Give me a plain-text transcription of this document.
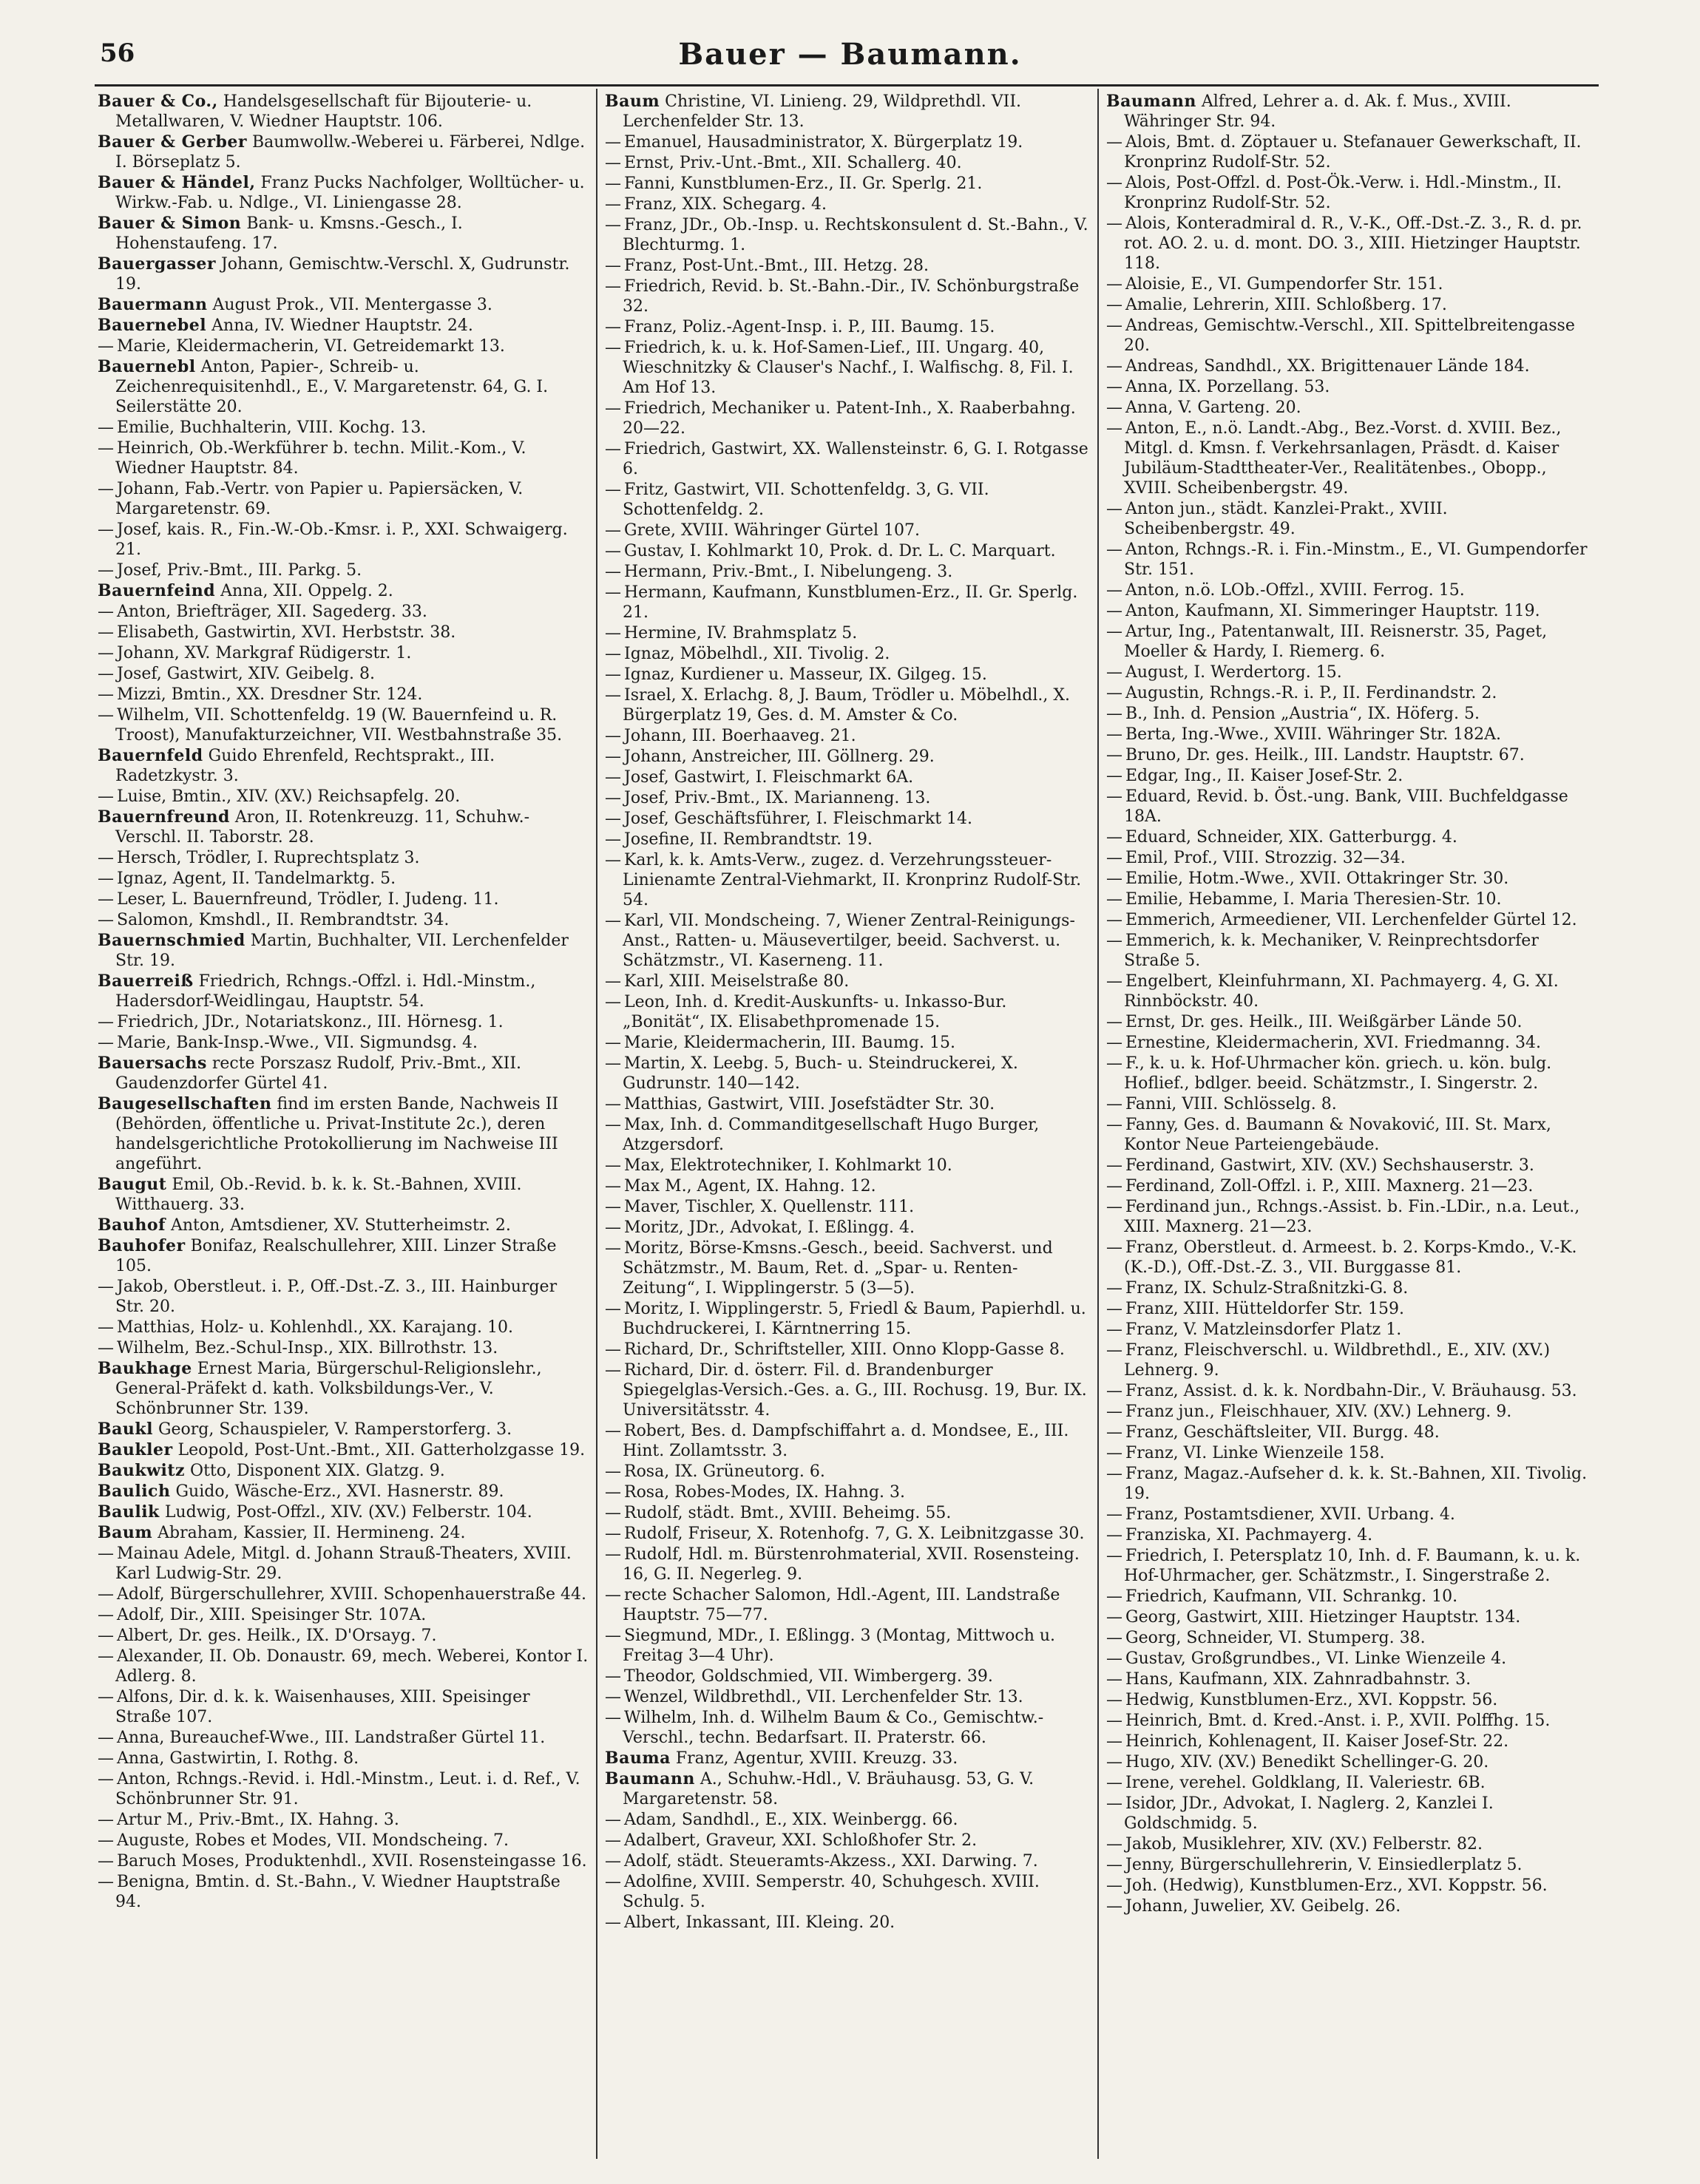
56	Bauer — Baumann.

Bauer & Co., Handelsgesellschaft für Bijouterie- u. Metallwaren, V. Wiedner Hauptstr. 106.

Bauer & Gerber Baumwollw.-Weberei u. Färberei, Ndlge. I. Börseplatz 5.

Bauer & Händel, Franz Pucks Nachfolger, Wolltücher- u. Wirkw.-Fab. u. Ndlge., VI. Liniengasse 28.

Bauer & Simon Bank- u. Kmsns.-Gesch., I. Hohenstaufeng. 17.

Bauergasser Johann, Gemischtw.-Verschl. X, Gudrunstr. 19.

Bauermann August Prok., VII. Mentergasse 3.

Bauernebel Anna, IV. Wiedner Hauptstr. 24.

— Marie, Kleidermacherin, VI. Getreidemarkt 13.

Bauernebl Anton, Papier-, Schreib- u. Zeichenrequisitenhdl., E., V. Margaretenstr. 64, G. I. Seilerstätte 20.

— Emilie, Buchhalterin, VIII. Kochg. 13.

— Heinrich, Ob.-Werkführer b. techn. Milit.-Kom., V. Wiedner Hauptstr. 84.

— Johann, Fab.-Vertr. von Papier u. Papiersäcken, V. Margaretenstr. 69.

— Josef, kais. R., Fin.-W.-Ob.-Kmsr. i. P., XXI. Schwaigerg. 21.

— Josef, Priv.-Bmt., III. Parkg. 5.

Bauernfeind Anna, XII. Oppelg. 2.

— Anton, Briefträger, XII. Sagederg. 33.

— Elisabeth, Gastwirtin, XVI. Herbststr. 38.

— Johann, XV. Markgraf Rüdigerstr. 1.

— Josef, Gastwirt, XIV. Geibelg. 8.

— Mizzi, Bmtin., XX. Dresdner Str. 124.

— Wilhelm, VII. Schottenfeldg. 19 (W. Bauernfeind u. R. Troost), Manufakturzeichner, VII. Westbahnstraße 35.

Bauernfeld Guido Ehrenfeld, Rechtsprakt., III. Radetzkystr. 3.

— Luise, Bmtin., XIV. (XV.) Reichsapfelg. 20.

Bauernfreund Aron, II. Rotenkreuzg. 11, Schuhw.-Verschl. II. Taborstr. 28.

— Hersch, Trödler, I. Ruprechtsplatz 3.

— Ignaz, Agent, II. Tandelmarktg. 5.

— Leser, L. Bauernfreund, Trödler, I. Judeng. 11.

— Salomon, Kmshdl., II. Rembrandtstr. 34.

Bauernschmied Martin, Buchhalter, VII. Lerchenfelder Str. 19.

Bauerreiß Friedrich, Rchngs.-Offzl. i. Hdl.-Minstm., Hadersdorf-Weidlingau, Hauptstr. 54.

— Friedrich, JDr., Notariatskonz., III. Hörnesg. 1.

— Marie, Bank-Insp.-Wwe., VII. Sigmundsg. 4.

Bauersachs recte Porszasz Rudolf, Priv.-Bmt., XII. Gaudenzdorfer Gürtel 41.

Baugesellschaften find im ersten Bande, Nachweis II (Behörden, öffentliche u. Privat-Institute 2c.), deren handelsgerichtliche Protokollierung im Nachweise III angeführt.

Baugut Emil, Ob.-Revid. b. k. k. St.-Bahnen, XVIII. Witthauerg. 33.

Bauhof Anton, Amtsdiener, XV. Stutterheimstr. 2.

Bauhofer Bonifaz, Realschullehrer, XIII. Linzer Straße 105.

— Jakob, Oberstleut. i. P., Off.-Dst.-Z. 3., III. Hainburger Str. 20.

— Matthias, Holz- u. Kohlenhdl., XX. Karajang. 10.

— Wilhelm, Bez.-Schul-Insp., XIX. Billrothstr. 13.

Baukhage Ernest Maria, Bürgerschul-Religionslehr., General-Präfekt d. kath. Volksbildungs-Ver., V. Schönbrunner Str. 139.

Baukl Georg, Schauspieler, V. Ramperstorferg. 3.

Baukler Leopold, Post-Unt.-Bmt., XII. Gatterholzgasse 19.

Baukwitz Otto, Disponent XIX. Glatzg. 9.

Baulich Guido, Wäsche-Erz., XVI. Hasnerstr. 89.

Baulik Ludwig, Post-Offzl., XIV. (XV.) Felberstr. 104.

Baum Abraham, Kassier, II. Hermineng. 24.

— Mainau Adele, Mitgl. d. Johann Strauß-Theaters, XVIII. Karl Ludwig-Str. 29.

— Adolf, Bürgerschullehrer, XVIII. Schopenhauerstraße 44.

— Adolf, Dir., XIII. Speisinger Str. 107A.

— Albert, Dr. ges. Heilk., IX. D'Orsayg. 7.

— Alexander, II. Ob. Donaustr. 69, mech. Weberei, Kontor I. Adlerg. 8.

— Alfons, Dir. d. k. k. Waisenhauses, XIII. Speisinger Straße 107.

— Anna, Bureauchef-Wwe., III. Landstraßer Gürtel 11.

— Anna, Gastwirtin, I. Rothg. 8.

— Anton, Rchngs.-Revid. i. Hdl.-Minstm., Leut. i. d. Ref., V. Schönbrunner Str. 91.

— Artur M., Priv.-Bmt., IX. Hahng. 3.

— Auguste, Robes et Modes, VII. Mondscheing. 7.

— Baruch Moses, Produktenhdl., XVII. Rosensteingasse 16.

— Benigna, Bmtin. d. St.-Bahn., V. Wiedner Hauptstraße 94.

Baum Christine, VI. Linieng. 29, Wildprethdl. VII. Lerchenfelder Str. 13.

— Emanuel, Hausadministrator, X. Bürgerplatz 19.

— Ernst, Priv.-Unt.-Bmt., XII. Schallerg. 40.

— Fanni, Kunstblumen-Erz., II. Gr. Sperlg. 21.

— Franz, XIX. Schegarg. 4.

— Franz, JDr., Ob.-Insp. u. Rechtskonsulent d. St.-Bahn., V. Blechturmg. 1.

— Franz, Post-Unt.-Bmt., III. Hetzg. 28.

— Friedrich, Revid. b. St.-Bahn.-Dir., IV. Schönburgstraße 32.

— Franz, Poliz.-Agent-Insp. i. P., III. Baumg. 15.

— Friedrich, k. u. k. Hof-Samen-Lief., III. Ungarg. 40, Wieschnitzky & Clauser's Nachf., I. Walfischg. 8, Fil. I. Am Hof 13.

— Friedrich, Mechaniker u. Patent-Inh., X. Raaberbahng. 20—22.

— Friedrich, Gastwirt, XX. Wallensteinstr. 6, G. I. Rotgasse 6.

— Fritz, Gastwirt, VII. Schottenfeldg. 3, G. VII. Schottenfeldg. 2.

— Grete, XVIII. Währinger Gürtel 107.

— Gustav, I. Kohlmarkt 10, Prok. d. Dr. L. C. Marquart.

— Hermann, Priv.-Bmt., I. Nibelungeng. 3.

— Hermann, Kaufmann, Kunstblumen-Erz., II. Gr. Sperlg. 21.

— Hermine, IV. Brahmsplatz 5.

— Ignaz, Möbelhdl., XII. Tivolig. 2.

— Ignaz, Kurdiener u. Masseur, IX. Gilgeg. 15.

— Israel, X. Erlachg. 8, J. Baum, Trödler u. Möbelhdl., X. Bürgerplatz 19, Ges. d. M. Amster & Co.

— Johann, III. Boerhaaveg. 21.

— Johann, Anstreicher, III. Göllnerg. 29.

— Josef, Gastwirt, I. Fleischmarkt 6A.

— Josef, Priv.-Bmt., IX. Marianneng. 13.

— Josef, Geschäftsführer, I. Fleischmarkt 14.

— Josefine, II. Rembrandtstr. 19.

— Karl, k. k. Amts-Verw., zugez. d. Verzehrungssteuer-Linienamte Zentral-Viehmarkt, II. Kronprinz Rudolf-Str. 54.

— Karl, VII. Mondscheing. 7, Wiener Zentral-Reinigungs-Anst., Ratten- u. Mäusevertilger, beeid. Sachverst. u. Schätzmstr., VI. Kaserneng. 11.

— Karl, XIII. Meiselstraße 80.

— Leon, Inh. d. Kredit-Auskunfts- u. Inkasso-Bur. „Bonität“, IX. Elisabethpromenade 15.

— Marie, Kleidermacherin, III. Baumg. 15.

— Martin, X. Leebg. 5, Buch- u. Steindruckerei, X. Gudrunstr. 140—142.

— Matthias, Gastwirt, VIII. Josefstädter Str. 30.

— Max, Inh. d. Commanditgesellschaft Hugo Burger, Atzgersdorf.

— Max, Elektrotechniker, I. Kohlmarkt 10.

— Max M., Agent, IX. Hahng. 12.

— Maver, Tischler, X. Quellenstr. 111.

— Moritz, JDr., Advokat, I. Eßlingg. 4.

— Moritz, Börse-Kmsns.-Gesch., beeid. Sachverst. und Schätzmstr., M. Baum, Ret. d. „Spar- u. Renten-Zeitung“, I. Wipplingerstr. 5 (3—5).

— Moritz, I. Wipplingerstr. 5, Friedl & Baum, Papierhdl. u. Buchdruckerei, I. Kärntnerring 15.

— Richard, Dr., Schriftsteller, XIII. Onno Klopp-Gasse 8.

— Richard, Dir. d. österr. Fil. d. Brandenburger Spiegelglas-Versich.-Ges. a. G., III. Rochusg. 19, Bur. IX. Universitätsstr. 4.

— Robert, Bes. d. Dampfschiffahrt a. d. Mondsee, E., III. Hint. Zollamtsstr. 3.

— Rosa, IX. Grüneutorg. 6.

— Rosa, Robes-Modes, IX. Hahng. 3.

— Rudolf, städt. Bmt., XVIII. Beheimg. 55.

— Rudolf, Friseur, X. Rotenhofg. 7, G. X. Leibnitzgasse 30.

— Rudolf, Hdl. m. Bürstenrohmaterial, XVII. Rosensteing. 16, G. II. Negerleg. 9.

— recte Schacher Salomon, Hdl.-Agent, III. Landstraße Hauptstr. 75—77.

— Siegmund, MDr., I. Eßlingg. 3 (Montag, Mittwoch u. Freitag 3—4 Uhr).

— Theodor, Goldschmied, VII. Wimbergerg. 39.

— Wenzel, Wildbrethdl., VII. Lerchenfelder Str. 13.

— Wilhelm, Inh. d. Wilhelm Baum & Co., Gemischtw.-Verschl., techn. Bedarfsart. II. Praterstr. 66.

Bauma Franz, Agentur, XVIII. Kreuzg. 33.

Baumann A., Schuhw.-Hdl., V. Bräuhausg. 53, G. V. Margaretenstr. 58.

— Adam, Sandhdl., E., XIX. Weinbergg. 66.

— Adalbert, Graveur, XXI. Schloßhofer Str. 2.

— Adolf, städt. Steueramts-Akzess., XXI. Darwing. 7.

— Adolfine, XVIII. Semperstr. 40, Schuhgesch. XVIII. Schulg. 5.

— Albert, Inkassant, III. Kleing. 20.

Baumann Alfred, Lehrer a. d. Ak. f. Mus., XVIII. Währinger Str. 94.

— Alois, Bmt. d. Zöptauer u. Stefanauer Gewerkschaft, II. Kronprinz Rudolf-Str. 52.

— Alois, Post-Offzl. d. Post-Ök.-Verw. i. Hdl.-Minstm., II. Kronprinz Rudolf-Str. 52.

— Alois, Konteradmiral d. R., V.-K., Off.-Dst.-Z. 3., R. d. pr. rot. AO. 2. u. d. mont. DO. 3., XIII. Hietzinger Hauptstr. 118.

— Aloisie, E., VI. Gumpendorfer Str. 151.

— Amalie, Lehrerin, XIII. Schloßberg. 17.

— Andreas, Gemischtw.-Verschl., XII. Spittelbreitengasse 20.

— Andreas, Sandhdl., XX. Brigittenauer Lände 184.

— Anna, IX. Porzellang. 53.

— Anna, V. Garteng. 20.

— Anton, E., n.ö. Landt.-Abg., Bez.-Vorst. d. XVIII. Bez., Mitgl. d. Kmsn. f. Verkehrsanlagen, Präsdt. d. Kaiser Jubiläum-Stadttheater-Ver., Realitätenbes., Obopp., XVIII. Scheibenbergstr. 49.

— Anton jun., städt. Kanzlei-Prakt., XVIII. Scheibenbergstr. 49.

— Anton, Rchngs.-R. i. Fin.-Minstm., E., VI. Gumpendorfer Str. 151.

— Anton, n.ö. LOb.-Offzl., XVIII. Ferrog. 15.

— Anton, Kaufmann, XI. Simmeringer Hauptstr. 119.

— Artur, Ing., Patentanwalt, III. Reisnerstr. 35, Paget, Moeller & Hardy, I. Riemerg. 6.

— August, I. Werdertorg. 15.

— Augustin, Rchngs.-R. i. P., II. Ferdinandstr. 2.

— B., Inh. d. Pension „Austria“, IX. Höferg. 5.

— Berta, Ing.-Wwe., XVIII. Währinger Str. 182A.

— Bruno, Dr. ges. Heilk., III. Landstr. Hauptstr. 67.

— Edgar, Ing., II. Kaiser Josef-Str. 2.

— Eduard, Revid. b. Öst.-ung. Bank, VIII. Buchfeldgasse 18A.

— Eduard, Schneider, XIX. Gatterburgg. 4.

— Emil, Prof., VIII. Strozzig. 32—34.

— Emilie, Hotm.-Wwe., XVII. Ottakringer Str. 30.

— Emilie, Hebamme, I. Maria Theresien-Str. 10.

— Emmerich, Armeediener, VII. Lerchenfelder Gürtel 12.

— Emmerich, k. k. Mechaniker, V. Reinprechtsdorfer Straße 5.

— Engelbert, Kleinfuhrmann, XI. Pachmayerg. 4, G. XI. Rinnböckstr. 40.

— Ernst, Dr. ges. Heilk., III. Weißgärber Lände 50.

— Ernestine, Kleidermacherin, XVI. Friedmanng. 34.

— F., k. u. k. Hof-Uhrmacher kön. griech. u. kön. bulg. Hoflief., bdlger. beeid. Schätzmstr., I. Singerstr. 2.

— Fanni, VIII. Schlösselg. 8.

— Fanny, Ges. d. Baumann & Novaković, III. St. Marx, Kontor Neue Parteiengebäude.

— Ferdinand, Gastwirt, XIV. (XV.) Sechshauserstr. 3.

— Ferdinand, Zoll-Offzl. i. P., XIII. Maxnerg. 21—23.

— Ferdinand jun., Rchngs.-Assist. b. Fin.-LDir., n.a. Leut., XIII. Maxnerg. 21—23.

— Franz, Oberstleut. d. Armeest. b. 2. Korps-Kmdo., V.-K. (K.-D.), Off.-Dst.-Z. 3., VII. Burggasse 81.

— Franz, IX. Schulz-Straßnitzki-G. 8.

— Franz, XIII. Hütteldorfer Str. 159.

— Franz, V. Matzleinsdorfer Platz 1.

— Franz, Fleischverschl. u. Wildbrethdl., E., XIV. (XV.) Lehnerg. 9.

— Franz, Assist. d. k. k. Nordbahn-Dir., V. Bräuhausg. 53.

— Franz jun., Fleischhauer, XIV. (XV.) Lehnerg. 9.

— Franz, Geschäftsleiter, VII. Burgg. 48.

— Franz, VI. Linke Wienzeile 158.

— Franz, Magaz.-Aufseher d. k. k. St.-Bahnen, XII. Tivolig. 19.

— Franz, Postamtsdiener, XVII. Urbang. 4.

— Franziska, XI. Pachmayerg. 4.

— Friedrich, I. Petersplatz 10, Inh. d. F. Baumann, k. u. k. Hof-Uhrmacher, ger. Schätzmstr., I. Singerstraße 2.

— Friedrich, Kaufmann, VII. Schrankg. 10.

— Georg, Gastwirt, XIII. Hietzinger Hauptstr. 134.

— Georg, Schneider, VI. Stumperg. 38.

— Gustav, Großgrundbes., VI. Linke Wienzeile 4.

— Hans, Kaufmann, XIX. Zahnradbahnstr. 3.

— Hedwig, Kunstblumen-Erz., XVI. Koppstr. 56.

— Heinrich, Bmt. d. Kred.-Anst. i. P., XVII. Polffhg. 15.

— Heinrich, Kohlenagent, II. Kaiser Josef-Str. 22.

— Hugo, XIV. (XV.) Benedikt Schellinger-G. 20.

— Irene, verehel. Goldklang, II. Valeriestr. 6B.

— Isidor, JDr., Advokat, I. Naglerg. 2, Kanzlei I. Goldschmidg. 5.

— Jakob, Musiklehrer, XIV. (XV.) Felberstr. 82.

— Jenny, Bürgerschullehrerin, V. Einsiedlerplatz 5.

— Joh. (Hedwig), Kunstblumen-Erz., XVI. Koppstr. 56.

— Johann, Juwelier, XV. Geibelg. 26.
